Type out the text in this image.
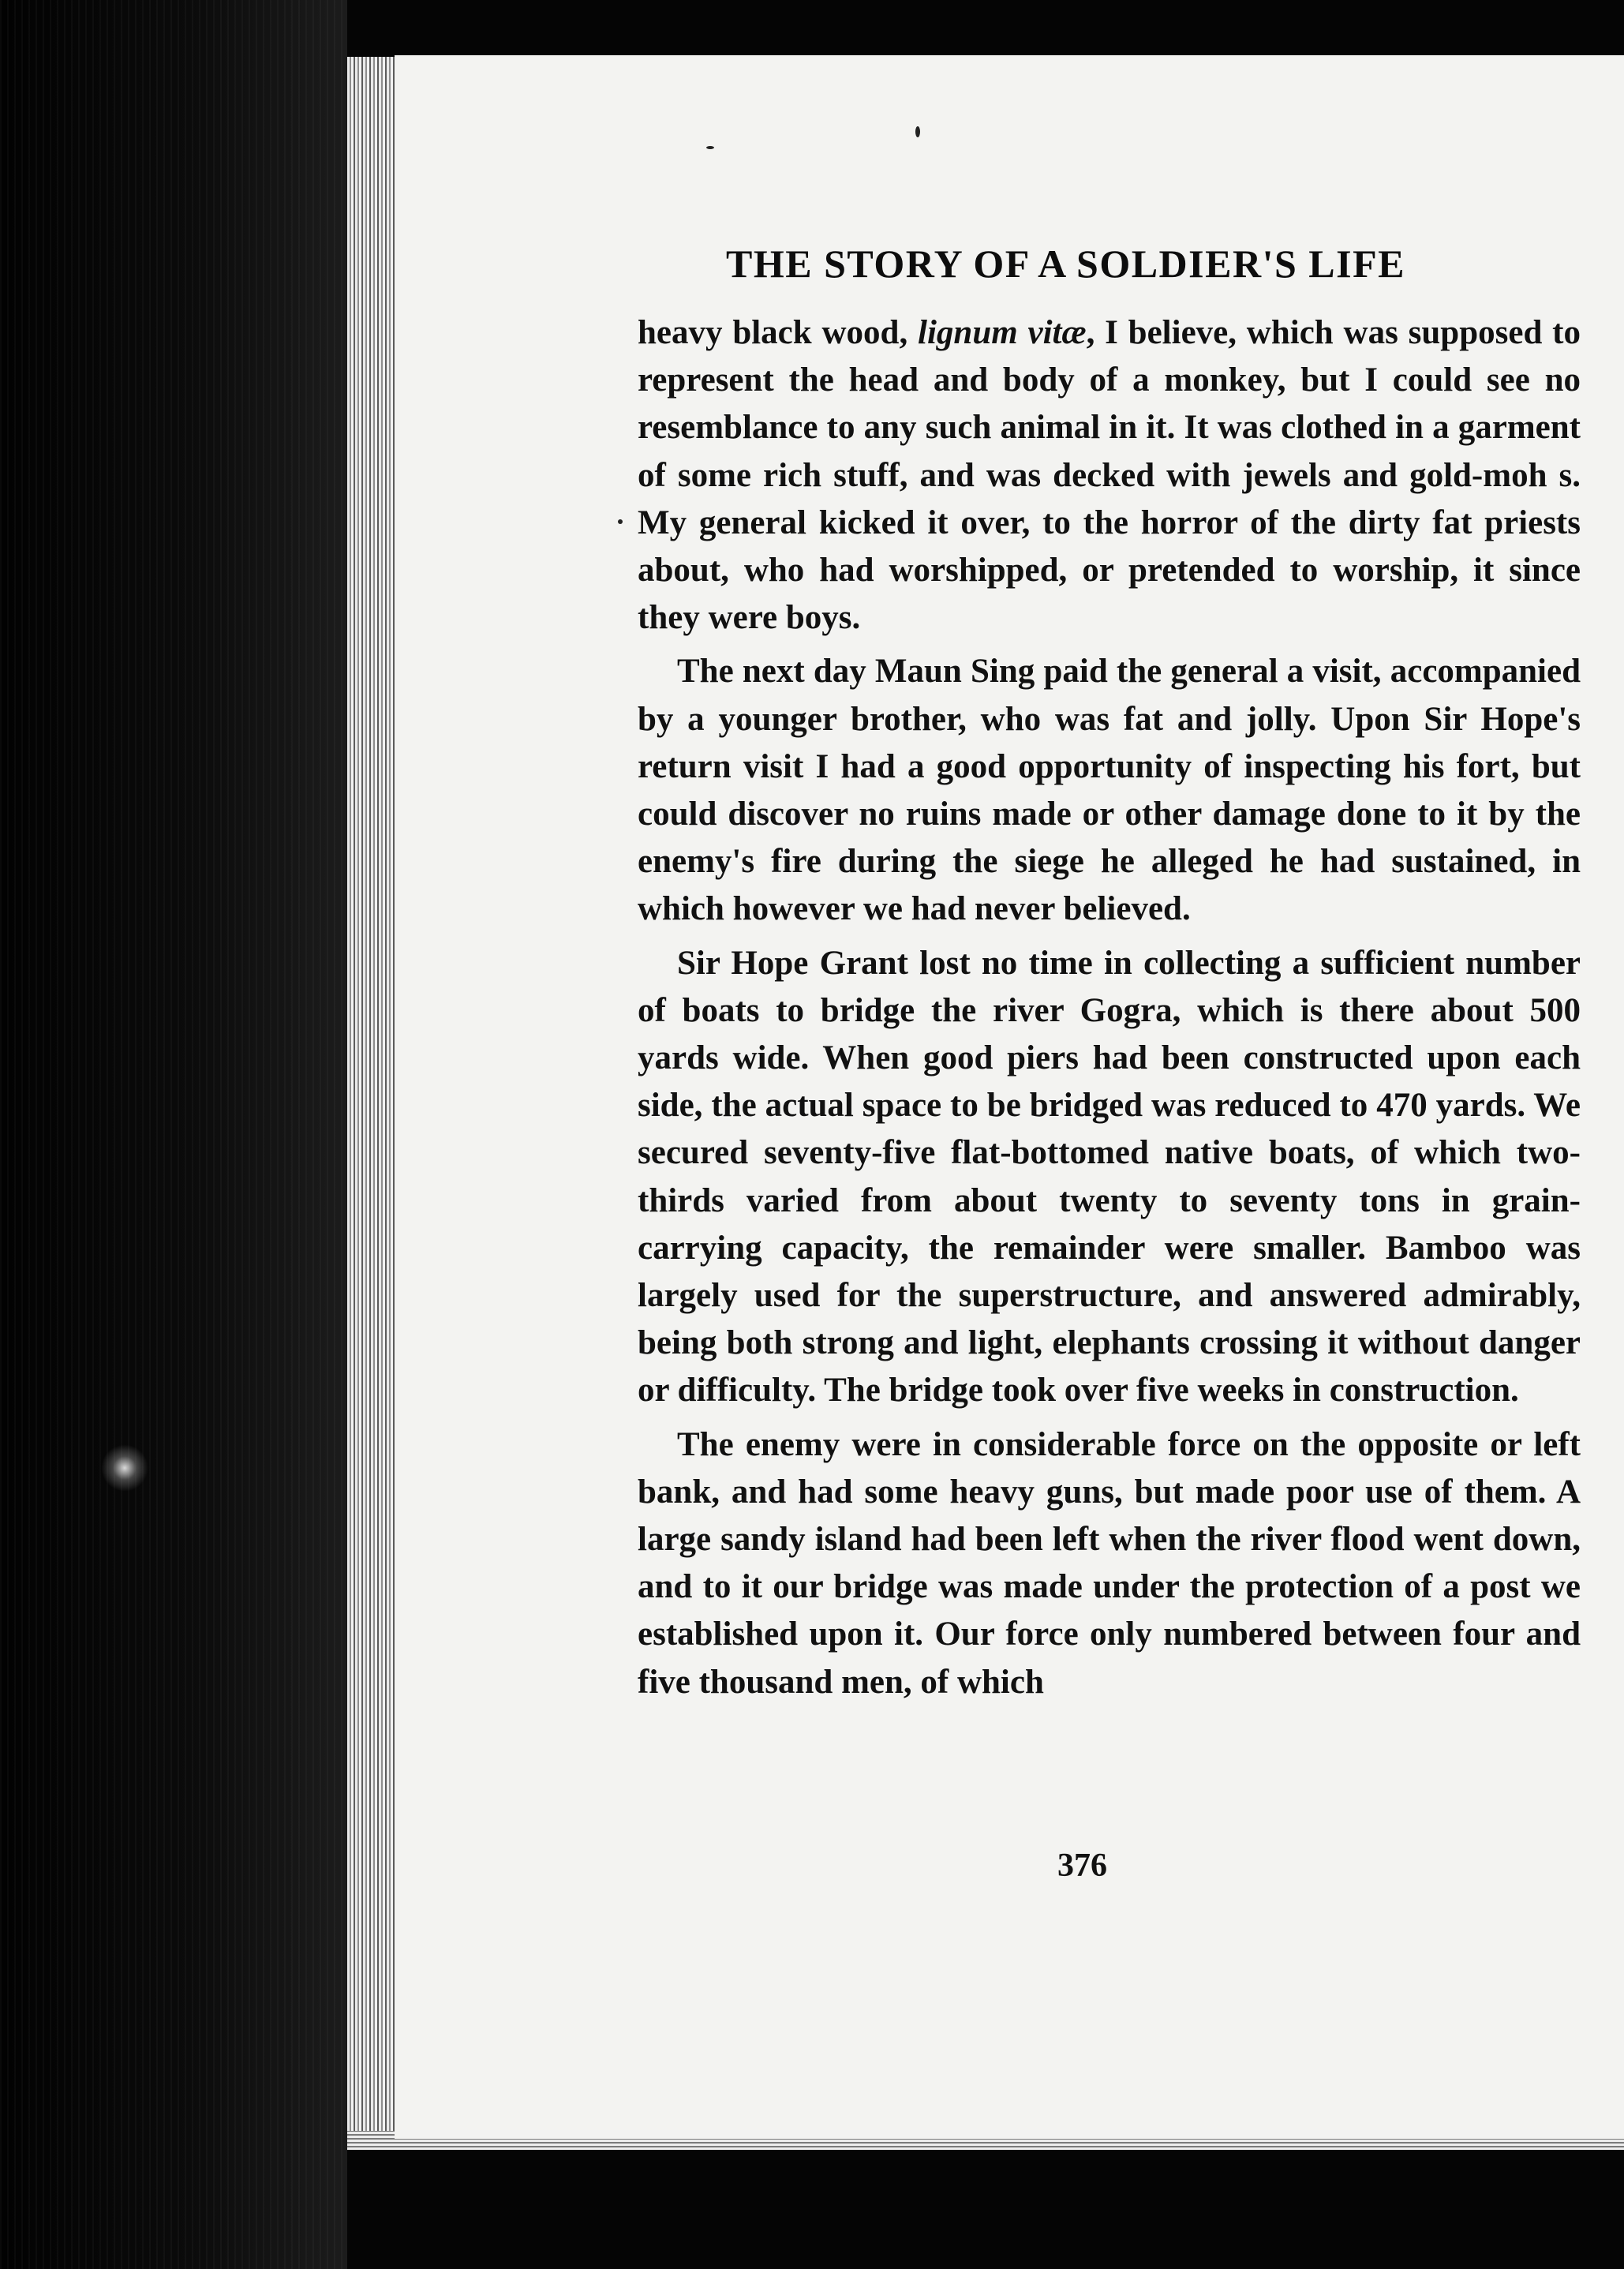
THE STORY OF A SOLDIER'S LIFE

heavy black wood, lignum vitæ, I believe, which was supposed to represent the head and body of a monkey, but I could see no resemblance to any such animal in it. It was clothed in a garment of some rich stuff, and was decked with jewels and gold-moh s. My general kicked it over, to the horror of the dirty fat priests about, who had worshipped, or pretended to worship, it since they were boys.

The next day Maun Sing paid the general a visit, accompanied by a younger brother, who was fat and jolly. Upon Sir Hope's return visit I had a good opportunity of inspecting his fort, but could discover no ruins made or other damage done to it by the enemy's fire during the siege he alleged he had sustained, in which however we had never believed.

Sir Hope Grant lost no time in collecting a sufficient number of boats to bridge the river Gogra, which is there about 500 yards wide. When good piers had been constructed upon each side, the actual space to be bridged was reduced to 470 yards. We secured seventy-five flat-bottomed native boats, of which two-thirds varied from about twenty to seventy tons in grain-carrying capacity, the remainder were smaller. Bamboo was largely used for the superstructure, and answered admirably, being both strong and light, elephants crossing it without danger or difficulty. The bridge took over five weeks in construction.

The enemy were in considerable force on the opposite or left bank, and had some heavy guns, but made poor use of them. A large sandy island had been left when the river flood went down, and to it our bridge was made under the protection of a post we established upon it. Our force only numbered between four and five thousand men, of which

376
